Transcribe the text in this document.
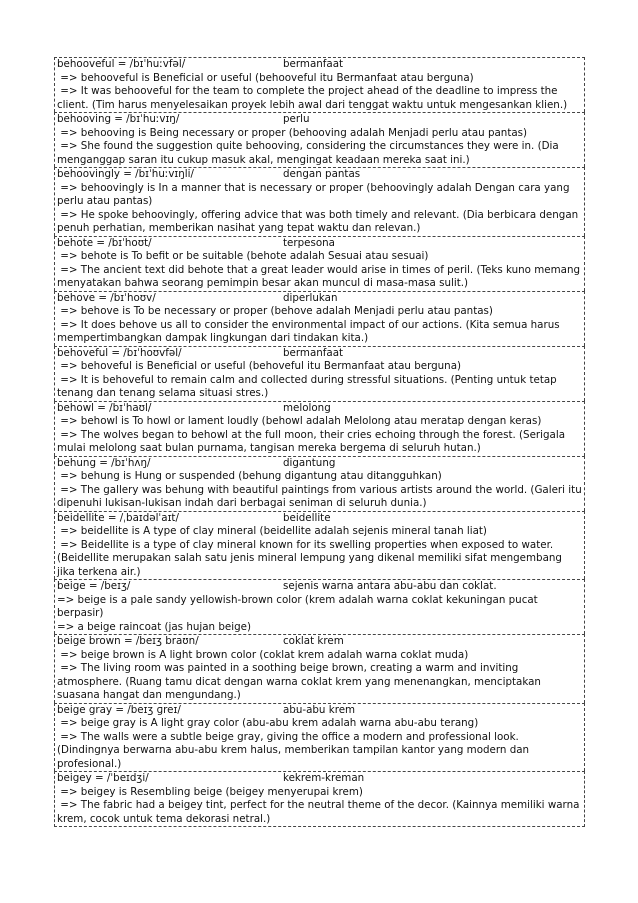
behooveful = /bɪˈhuːvfəl/	bermanfaat
=> behooveful is Beneficial or useful (behooveful itu Bermanfaat atau berguna)
=> It was behooveful for the team to complete the project ahead of the deadline to impress the client. (Tim harus menyelesaikan proyek lebih awal dari tenggat waktu untuk mengesankan klien.)
behooving = /bɪˈhuːvɪŋ/	perlu
=> behooving is Being necessary or proper (behooving adalah Menjadi perlu atau pantas)
=> She found the suggestion quite behooving, considering the circumstances they were in. (Dia menganggap saran itu cukup masuk akal, mengingat keadaan mereka saat ini.)
behoovingly = /bɪˈhuːvɪŋli/	dengan pantas
=> behoovingly is In a manner that is necessary or proper (behoovingly adalah Dengan cara yang perlu atau pantas)
=> He spoke behoovingly, offering advice that was both timely and relevant. (Dia berbicara dengan penuh perhatian, memberikan nasihat yang tepat waktu dan relevan.)
behote = /bɪˈhoʊt/	terpesona
=> behote is To befit or be suitable (behote adalah Sesuai atau sesuai)
=> The ancient text did behote that a great leader would arise in times of peril. (Teks kuno memang menyatakan bahwa seorang pemimpin besar akan muncul di masa-masa sulit.)
behove = /bɪˈhoʊv/	diperlukan
=> behove is To be necessary or proper (behove adalah Menjadi perlu atau pantas)
=> It does behove us all to consider the environmental impact of our actions. (Kita semua harus mempertimbangkan dampak lingkungan dari tindakan kita.)
behoveful = /bɪˈhoʊvfəl/	bermanfaat
=> behoveful is Beneficial or useful (behoveful itu Bermanfaat atau berguna)
=> It is behoveful to remain calm and collected during stressful situations. (Penting untuk tetap tenang dan tenang selama situasi stres.)
behowl = /bɪˈhaʊl/	melolong
=> behowl is To howl or lament loudly (behowl adalah Melolong atau meratap dengan keras)
=> The wolves began to behowl at the full moon, their cries echoing through the forest. (Serigala mulai melolong saat bulan purnama, tangisan mereka bergema di seluruh hutan.)
behung = /bɪˈhʌŋ/	digantung
=> behung is Hung or suspended (behung digantung atau ditangguhkan)
=> The gallery was behung with beautiful paintings from various artists around the world. (Galeri itu dipenuhi lukisan-lukisan indah dari berbagai seniman di seluruh dunia.)
beidellite = /ˌbaɪdəlˈaɪt/	beidellite
=> beidellite is A type of clay mineral (beidellite adalah sejenis mineral tanah liat)
=> Beidellite is a type of clay mineral known for its swelling properties when exposed to water. (Beidellite merupakan salah satu jenis mineral lempung yang dikenal memiliki sifat mengembang jika terkena air.)
beige = /beɪʒ/	sejenis warna antara abu-abu dan coklat.
=> beige is a pale sandy yellowish-brown color (krem adalah warna coklat kekuningan pucat berpasir)
=> a beige raincoat (jas hujan beige)
beige brown = /beɪʒ braʊn/	coklat krem
=> beige brown is A light brown color (coklat krem adalah warna coklat muda)
=> The living room was painted in a soothing beige brown, creating a warm and inviting atmosphere. (Ruang tamu dicat dengan warna coklat krem yang menenangkan, menciptakan suasana hangat dan mengundang.)
beige gray = /beɪʒ ɡreɪ/	abu-abu krem
=> beige gray is A light gray color (abu-abu krem adalah warna abu-abu terang)
=> The walls were a subtle beige gray, giving the office a modern and professional look. (Dindingnya berwarna abu-abu krem halus, memberikan tampilan kantor yang modern dan profesional.)
beigey = /ˈbeɪdʒi/	kekrem-kreman
=> beigey is Resembling beige (beigey menyerupai krem)
=> The fabric had a beigey tint, perfect for the neutral theme of the decor. (Kainnya memiliki warna krem, cocok untuk tema dekorasi netral.)
